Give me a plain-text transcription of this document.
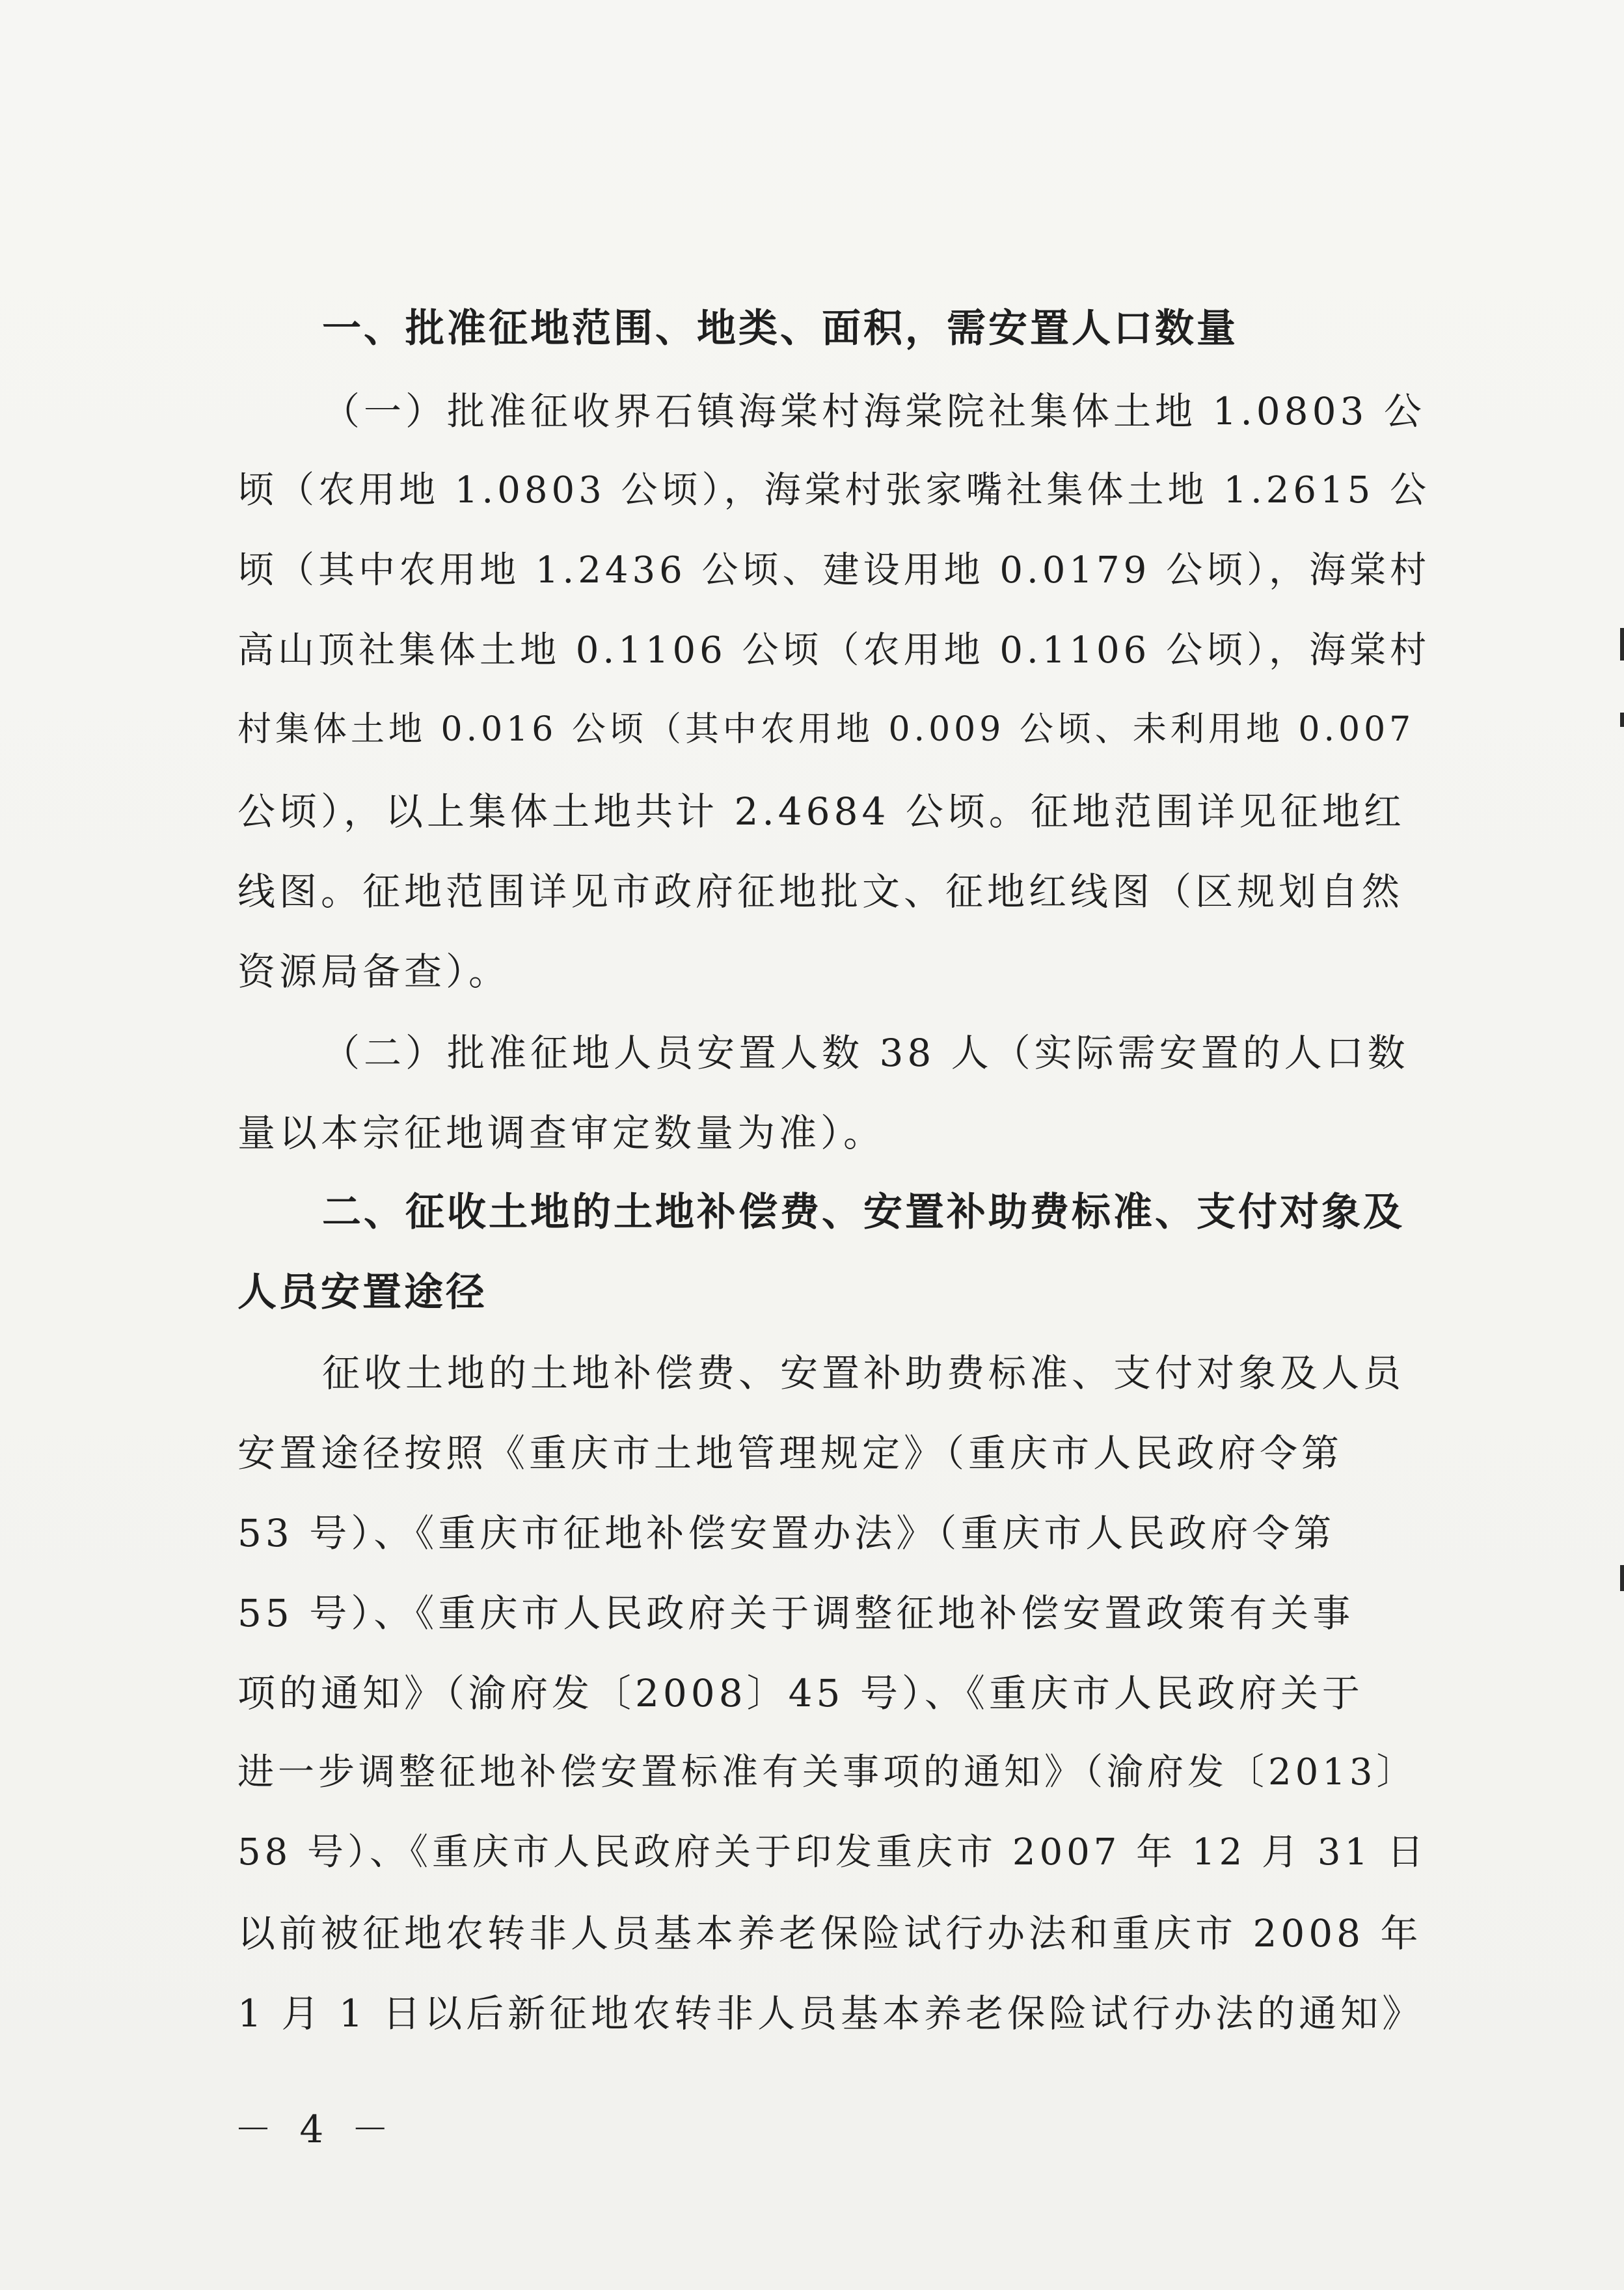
一、批准征地范围、地类、面积，需安置人口数量

（一）批准征收界石镇海棠村海棠院社集体土地 1.0803 公

顷（农用地 1.0803 公顷），海棠村张家嘴社集体土地 1.2615 公

顷（其中农用地 1.2436 公顷、建设用地 0.0179 公顷），海棠村

高山顶社集体土地 0.1106 公顷（农用地 0.1106 公顷），海棠村

村集体土地 0.016 公顷（其中农用地 0.009 公顷、未利用地 0.007

公顷），以上集体土地共计 2.4684 公顷。征地范围详见征地红

线图。征地范围详见市政府征地批文、征地红线图（区规划自然

资源局备查）。

（二）批准征地人员安置人数 38 人（实际需安置的人口数

量以本宗征地调查审定数量为准）。

二、征收土地的土地补偿费、安置补助费标准、支付对象及

人员安置途径

征收土地的土地补偿费、安置补助费标准、支付对象及人员

安置途径按照《重庆市土地管理规定》（重庆市人民政府令第

53 号）、《重庆市征地补偿安置办法》（重庆市人民政府令第

55 号）、《重庆市人民政府关于调整征地补偿安置政策有关事

项的通知》（渝府发〔2008〕45 号）、《重庆市人民政府关于

进一步调整征地补偿安置标准有关事项的通知》（渝府发〔2013〕

58 号）、《重庆市人民政府关于印发重庆市 2007 年 12 月 31 日

以前被征地农转非人员基本养老保险试行办法和重庆市 2008 年

1 月 1 日以后新征地农转非人员基本养老保险试行办法的通知》

－ 4 －
